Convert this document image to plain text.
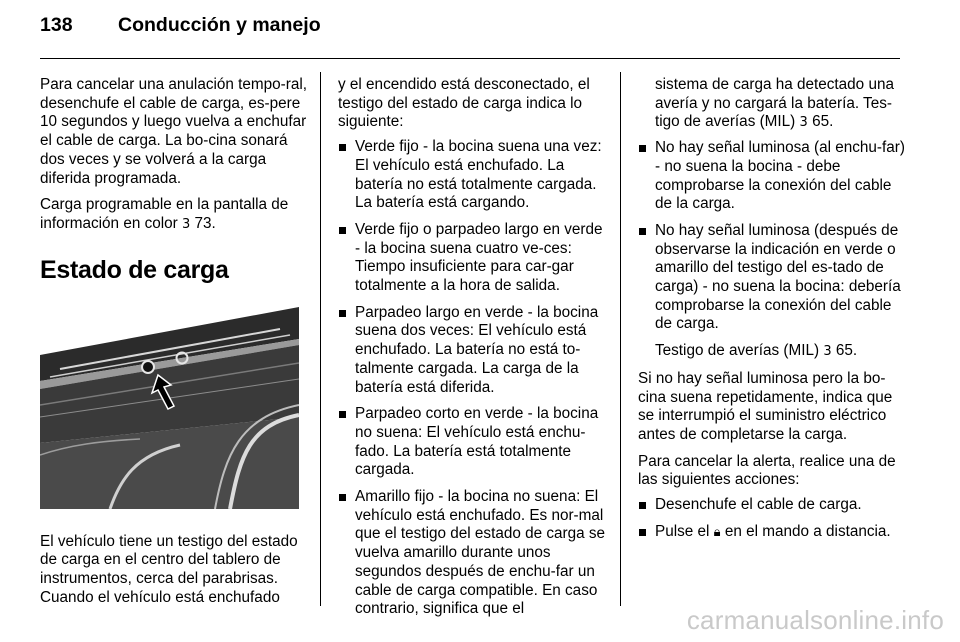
138 Conducción y manejo

Para cancelar una anulación tempo-ral, desenchufe el cable de carga, es-pere 10 segundos y luego vuelva a enchufar el cable de carga. La bo-cina sonará dos veces y se volverá a la carga diferida programada.

Carga programable en la pantalla de información en color 3 73.

Estado de carga

El vehículo tiene un testigo del estado de carga en el centro del tablero de instrumentos, cerca del parabrisas. Cuando el vehículo está enchufado

y el encendido está desconectado, el testigo del estado de carga indica lo siguiente:

Verde fijo - la bocina suena una vez: El vehículo está enchufado. La batería no está totalmente cargada. La batería está cargando.
Verde fijo o parpadeo largo en verde - la bocina suena cuatro ve-ces: Tiempo insuficiente para car-gar totalmente a la hora de salida.
Parpadeo largo en verde - la bocina suena dos veces: El vehículo está enchufado. La batería no está to-talmente cargada. La carga de la batería está diferida.
Parpadeo corto en verde - la bocina no suena: El vehículo está enchu-fado. La batería está totalmente cargada.
Amarillo fijo - la bocina no suena: El vehículo está enchufado. Es nor-mal que el testigo del estado de carga se vuelva amarillo durante unos segundos después de enchu-far un cable de carga compatible. En caso contrario, significa que el

sistema de carga ha detectado una avería y no cargará la batería. Tes-tigo de averías (MIL) 3 65.

No hay señal luminosa (al enchu-far) - no suena la bocina - debe comprobarse la conexión del cable de la carga.
No hay señal luminosa (después de observarse la indicación en verde o amarillo del testigo del es-tado de carga) - no suena la bocina: debería comprobarse la conexión del cable de carga.

Testigo de averías (MIL) 3 65.

Si no hay señal luminosa pero la bo-cina suena repetidamente, indica que se interrumpió el suministro eléctrico antes de completarse la carga.

Para cancelar la alerta, realice una de las siguientes acciones:

Desenchufe el cable de carga.
Pulse el 🔒︎ en el mando a distancia.
carmanualsonline.info
